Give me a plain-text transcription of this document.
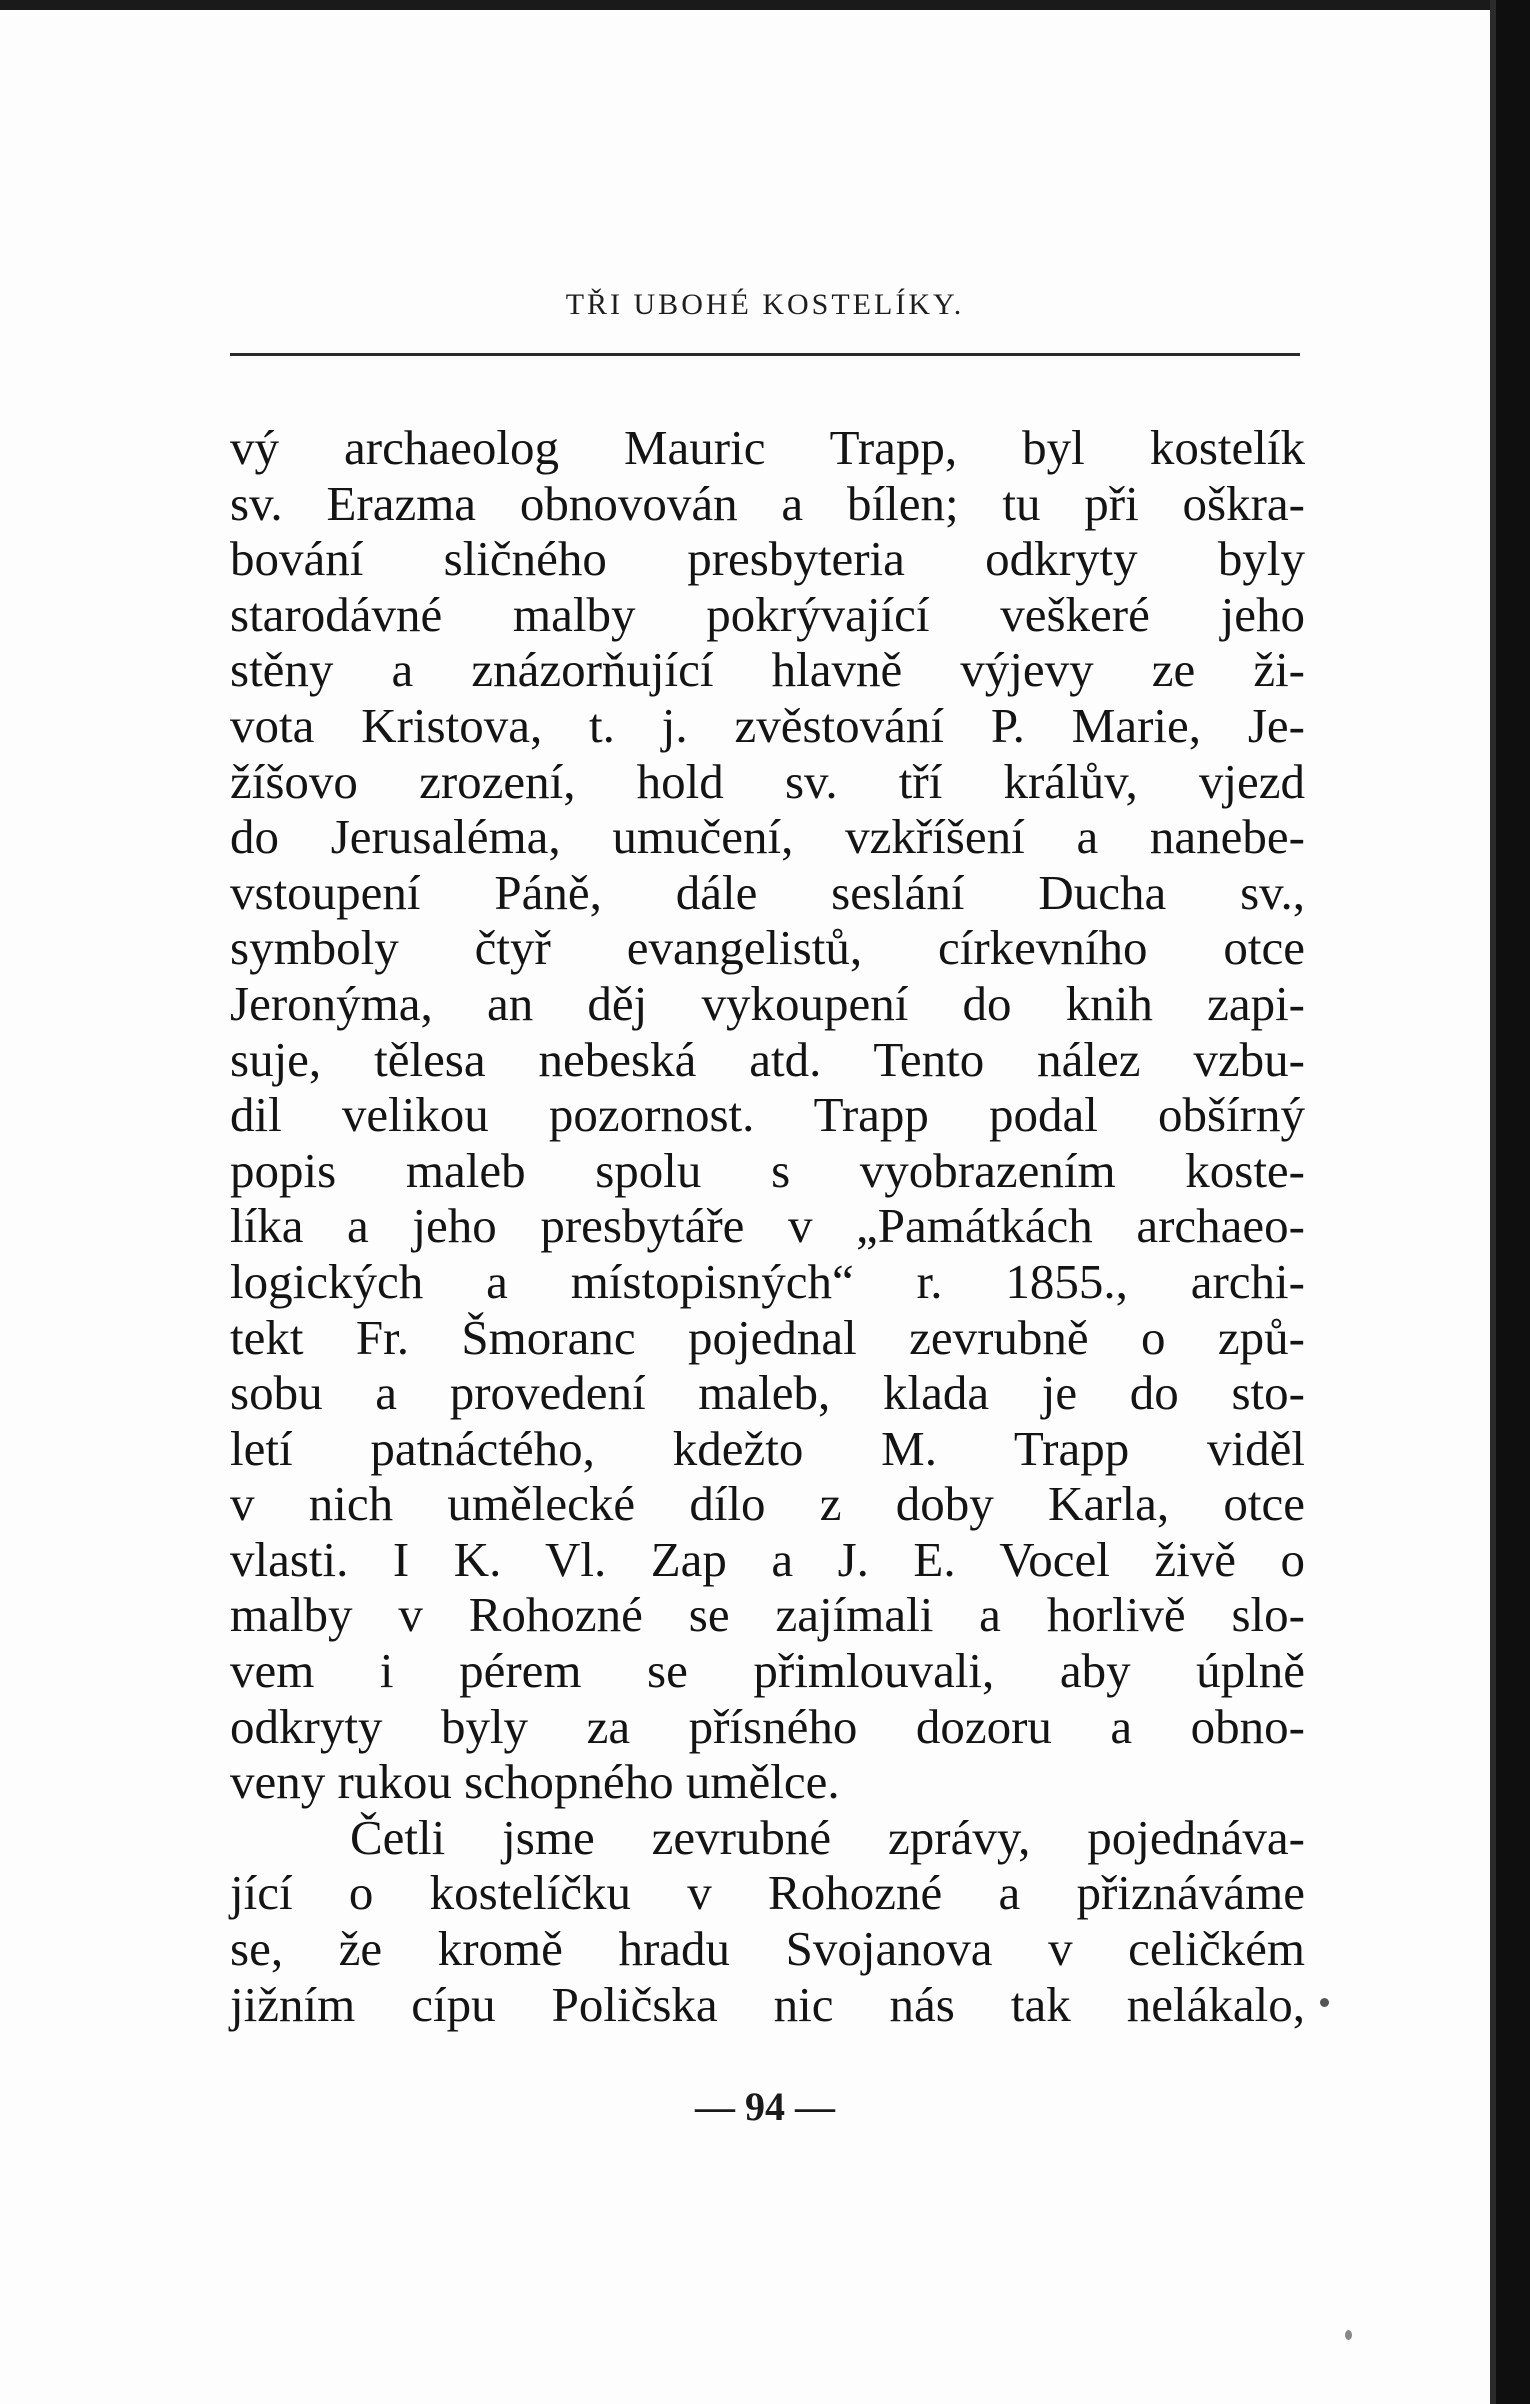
TŘI UBOHÉ KOSTELÍKY.
vý archaeolog Mauric Trapp, byl kostelík
sv. Erazma obnovován a bílen; tu při oškra-
bování sličného presbyteria odkryty byly
starodávné malby pokrývající veškeré jeho
stěny a znázorňující hlavně výjevy ze ži-
vota Kristova, t. j. zvěstování P. Marie, Je-
žíšovo zrození, hold sv. tří králův, vjezd
do Jerusaléma, umučení, vzkříšení a nanebe-
vstoupení Páně, dále seslání Ducha sv.,
symboly čtyř evangelistů, církevního otce
Jeronýma, an děj vykoupení do knih zapi-
suje, tělesa nebeská atd. Tento nález vzbu-
dil velikou pozornost. Trapp podal obšírný
popis maleb spolu s vyobrazením koste-
líka a jeho presbytáře v „Památkách archaeo-
logických a místopisných“ r. 1855., archi-
tekt Fr. Šmoranc pojednal zevrubně o způ-
sobu a provedení maleb, klada je do sto-
letí patnáctého, kdežto M. Trapp viděl
v nich umělecké dílo z doby Karla, otce
vlasti. I K. Vl. Zap a J. E. Vocel živě o
malby v Rohozné se zajímali a horlivě slo-
vem i pérem se přimlouvali, aby úplně
odkryty byly za přísného dozoru a obno-
veny rukou schopného umělce.
Četli jsme zevrubné zprávy, pojednáva-
jící o kostelíčku v Rohozné a přiznáváme
se, že kromě hradu Svojanova v celičkém
jižním cípu Poličska nic nás tak nelákalo,
— 94 —
